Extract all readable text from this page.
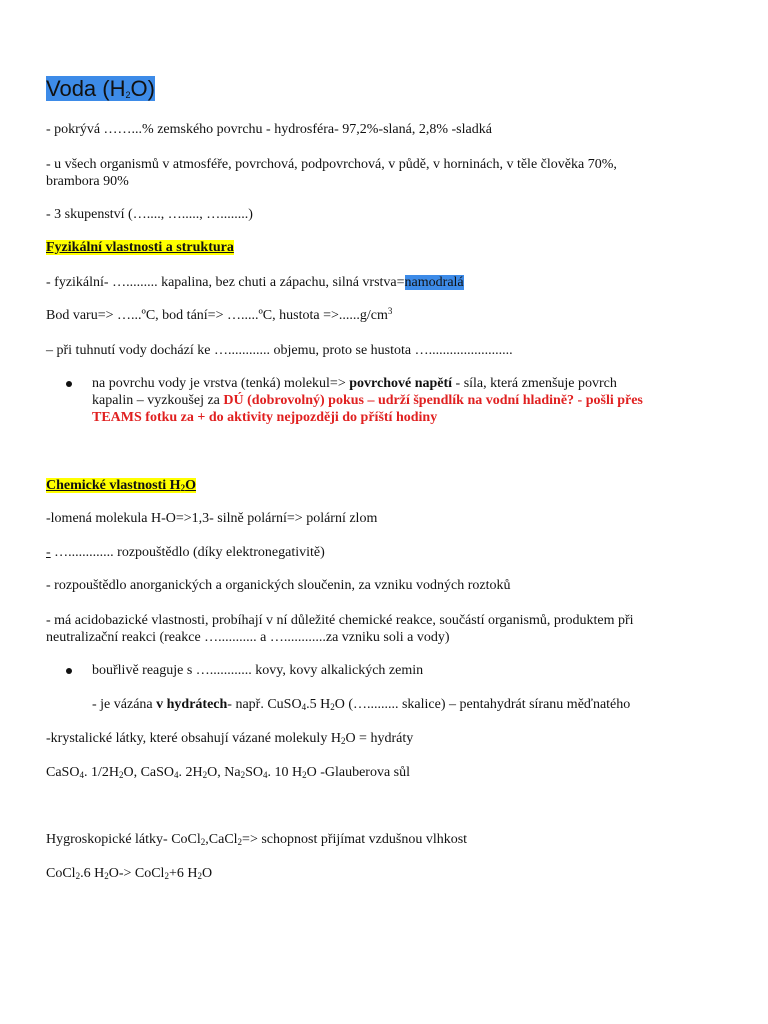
Voda $(H_2O)$

- pokrývá ……...% zemského povrchu - hydrosféra- 97,2%-slaná, 2,8% -sladká

- u všech organismů v atmosféře, povrchová, podpovrchová, v půdě, v horninách, v těle člověka 70%,

brambora 90%

- 3 skupenství (…...., …....., …........)

Fyzikální vlastnosti a struktura

- fyzikální- …......... kapalina, bez chuti a zápachu, silná vrstva=namodralá

Bod varu=> …...ºC, bod tání=> ….....ºC, hustota $=>......g/cm^3$

– při tuhnutí vody dochází ke …............ objemu, proto se hustota …........................

na povrchu vody je vrstva (tenká) molekul=> povrchové napětí - síla, která zmenšuje povrch

kapalin – vyzkoušej za DÚ (dobrovolný) pokus – udrží špendlík na vodní hladině? - pošli přes

TEAMS fotku za + do aktivity nejpozději do příští hodiny

Chemické vlastnosti $H_2O$

-lomená molekula H-O=>1,3- silně polární=> polární zlom

- …............. rozpouštědlo (díky elektronegativitě)

- rozpouštědlo anorganických a organických sloučenin, za vzniku vodných roztoků

- má acidobazické vlastnosti, probíhají v ní důležité chemické reakce, součástí organismů, produktem při

neutralizační reakci (reakce …........... a …............za vzniku soli a vody)

bouřlivě reaguje s …............ kovy, kovy alkalických zemin

- je vázána v hydrátech- např. CuSO$_4$.5 $H_2O$ (…......... skalice) – pentahydrát síranu měďnatého

-krystalické látky, které obsahují vázané molekuly $H_2O$ = hydráty

CaSO$_4$. $1/2H_2O$, CaSO$_4$. $2H_2O$, $Na_2SO_4$. 10 $H_2O$ -Glauberova sůl

Hygroskopické látky- CoCl$_2$,CaCl$_2$=> schopnost přijímat vzdušnou vlhkost

CoCl$_2$.6 $H_2O->$ CoCl$_2$+6 $H_2O$
